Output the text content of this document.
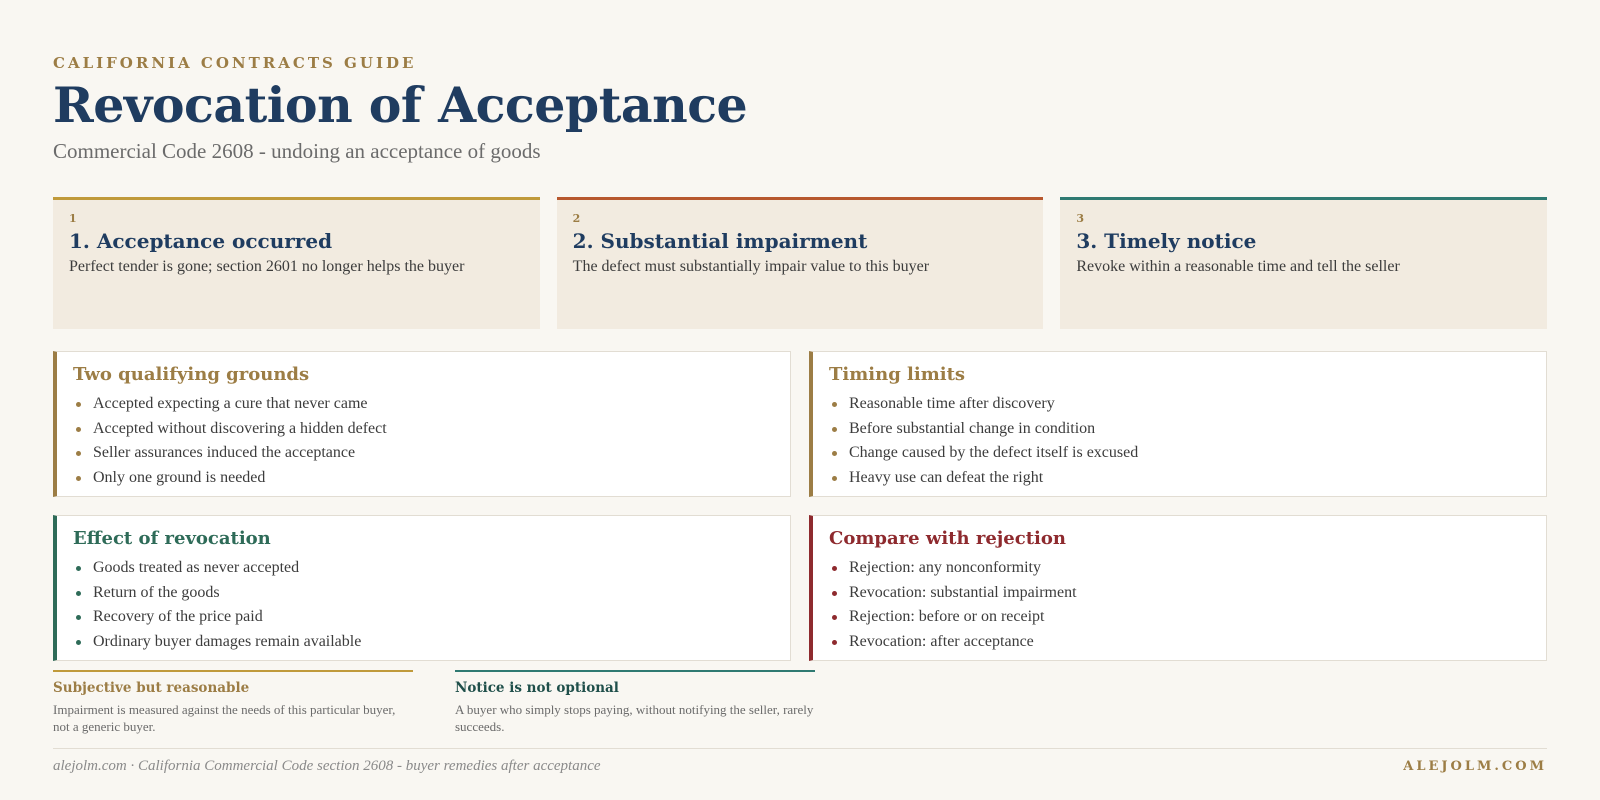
CALIFORNIA CONTRACTS GUIDE
Revocation of Acceptance
Commercial Code 2608 - undoing an acceptance of goods
1
1. Acceptance occurred
Perfect tender is gone; section 2601 no longer helps the buyer
2
2. Substantial impairment
The defect must substantially impair value to this buyer
3
3. Timely notice
Revoke within a reasonable time and tell the seller
Two qualifying grounds
Accepted expecting a cure that never came
Accepted without discovering a hidden defect
Seller assurances induced the acceptance
Only one ground is needed
Timing limits
Reasonable time after discovery
Before substantial change in condition
Change caused by the defect itself is excused
Heavy use can defeat the right
Effect of revocation
Goods treated as never accepted
Return of the goods
Recovery of the price paid
Ordinary buyer damages remain available
Compare with rejection
Rejection: any nonconformity
Revocation: substantial impairment
Rejection: before or on receipt
Revocation: after acceptance
Subjective but reasonable
Impairment is measured against the needs of this particular buyer, not a generic buyer.
Notice is not optional
A buyer who simply stops paying, without notifying the seller, rarely succeeds.
alejolm.com · California Commercial Code section 2608 - buyer remedies after acceptance	ALEJOLM.COM
